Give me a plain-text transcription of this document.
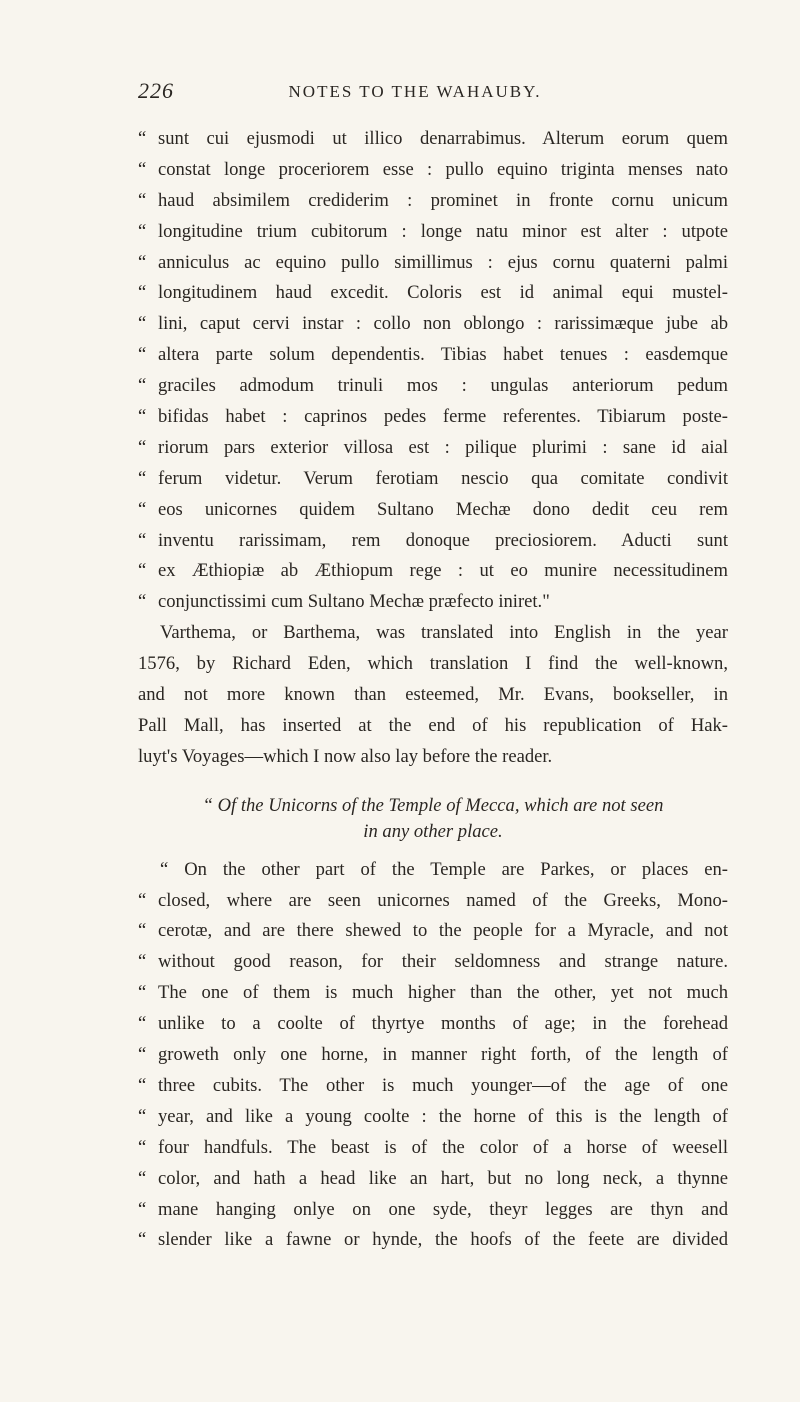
226	NOTES TO THE WAHAUBY.
“ sunt cui ejusmodi ut illico denarrabimus. Alterum eorum quem
“ constat longe proceriorem esse : pullo equino triginta menses nato
“ haud absimilem crediderim : prominet in fronte cornu unicum
“ longitudine trium cubitorum : longe natu minor est alter : utpote
“ anniculus ac equino pullo simillimus : ejus cornu quaterni palmi
“ longitudinem haud excedit. Coloris est id animal equi mustel-
“ lini, caput cervi instar : collo non oblongo : rarissimæque jube ab
“ altera parte solum dependentis. Tibias habet tenues : easdemque
“ graciles admodum trinuli mos : ungulas anteriorum pedum
“ bifidas habet : caprinos pedes ferme referentes. Tibiarum poste-
“ riorum pars exterior villosa est : pilique plurimi : sane id aial
“ ferum videtur. Verum ferotiam nescio qua comitate condivit
“ eos unicornes quidem Sultano Mechæ dono dedit ceu rem
“ inventu rarissimam, rem donoque preciosiorem. Aducti sunt
“ ex Æthiopiæ ab Æthiopum rege : ut eo munire necessitudinem
“ conjunctissimi cum Sultano Mechæ præfecto iniret."
Varthema, or Barthema, was translated into English in the year
1576, by Richard Eden, which translation I find the well-known,
and not more known than esteemed, Mr. Evans, bookseller, in
Pall Mall, has inserted at the end of his republication of Hak-
luyt's Voyages—which I now also lay before the reader.
“ Of the Unicorns of the Temple of Mecca, which are not seen
in any other place.
“ On the other part of the Temple are Parkes, or places en-
“ closed, where are seen unicornes named of the Greeks, Mono-
“ cerotæ, and are there shewed to the people for a Myracle, and not
“ without good reason, for their seldomness and strange nature.
“ The one of them is much higher than the other, yet not much
“ unlike to a coolte of thyrtye months of age; in the forehead
“ groweth only one horne, in manner right forth, of the length of
“ three cubits. The other is much younger—of the age of one
“ year, and like a young coolte : the horne of this is the length of
“ four handfuls. The beast is of the color of a horse of weesell
“ color, and hath a head like an hart, but no long neck, a thynne
“ mane hanging onlye on one syde, theyr legges are thyn and
“ slender like a fawne or hynde, the hoofs of the feete are divided
